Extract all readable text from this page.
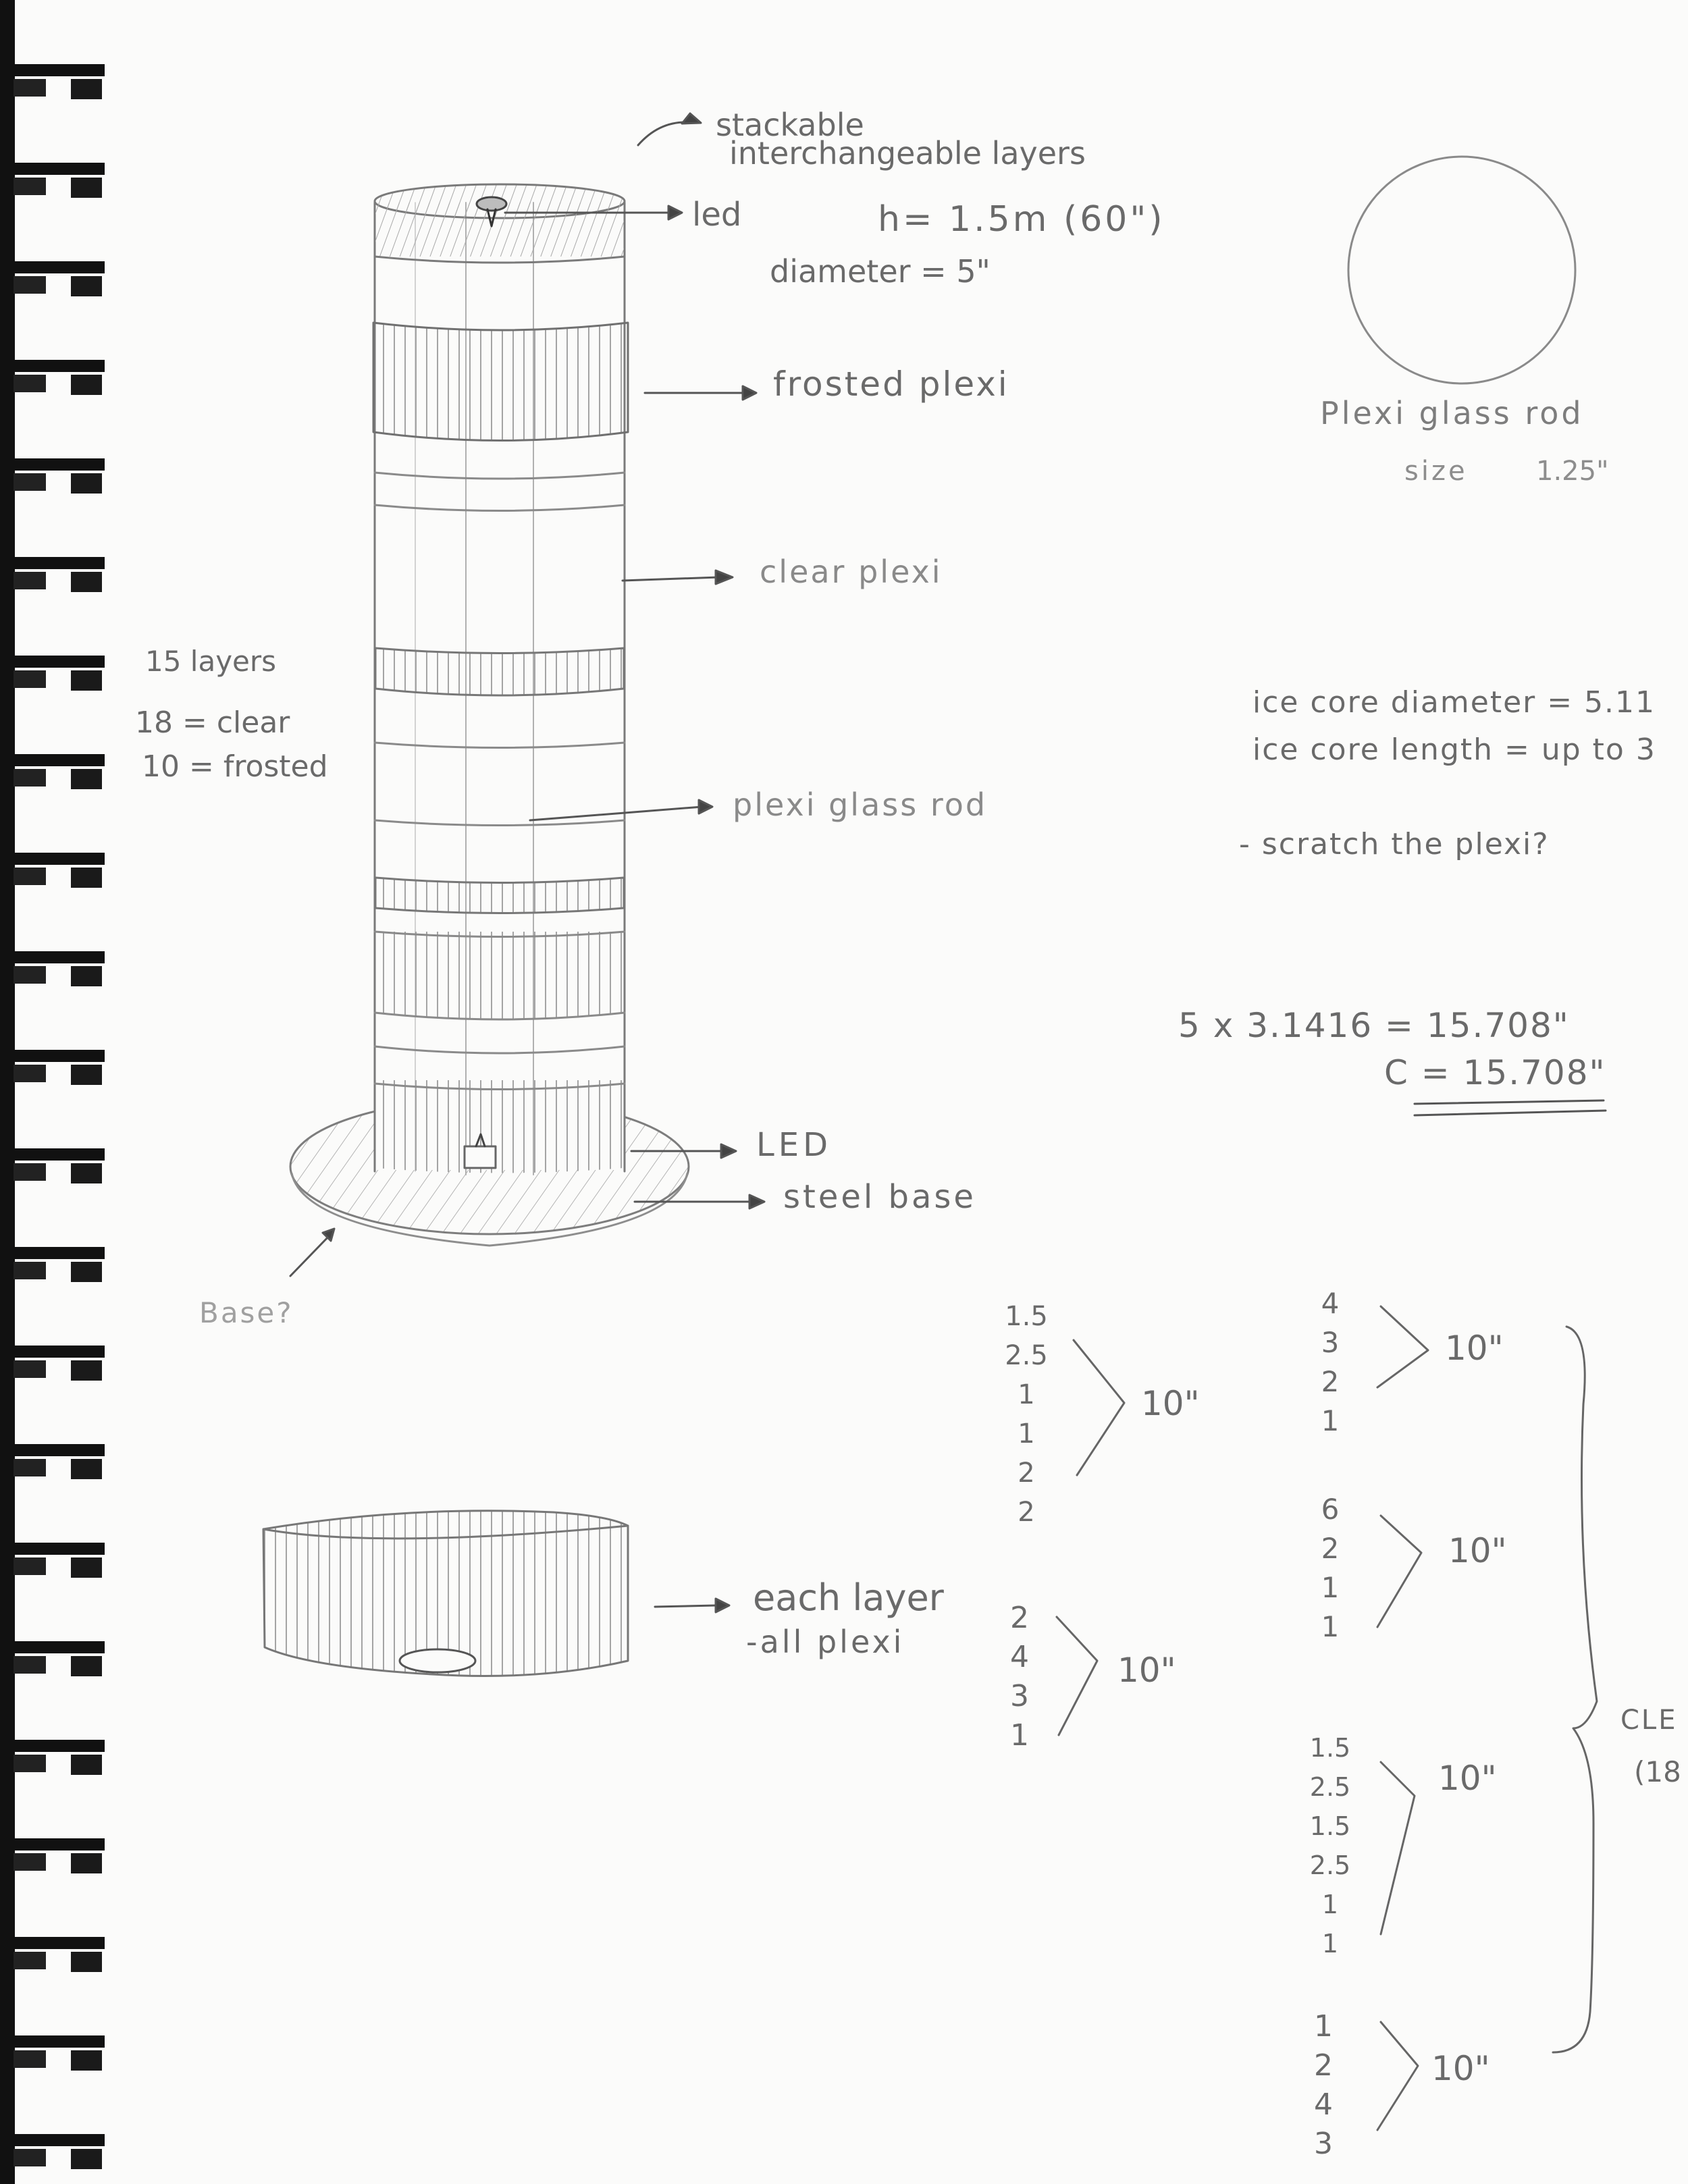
stackable
interchangeable layers
led	h= 1.5m (60")
diameter = 5"
frosted plexi
clear plexi
plexi glass rod
LED
steel base
Base?
each layer
-all plexi
15 layers
18 = clear
10 = frosted
Plexi glass rod
size	1.25"
ice core diameter = 5.11
ice core length = up to 3
- scratch the plexi?
5 x 3.1416 = 15.708"
C = 15.708"
1.5
2.5
1
1
2
2
10"
2
4
3
1
10"
4
3
2
1
10"
6
2
1
1
10"
1.5
2.5
1.5
2.5
1
1
10"
1
2
4
3
10"
CLE
(18
